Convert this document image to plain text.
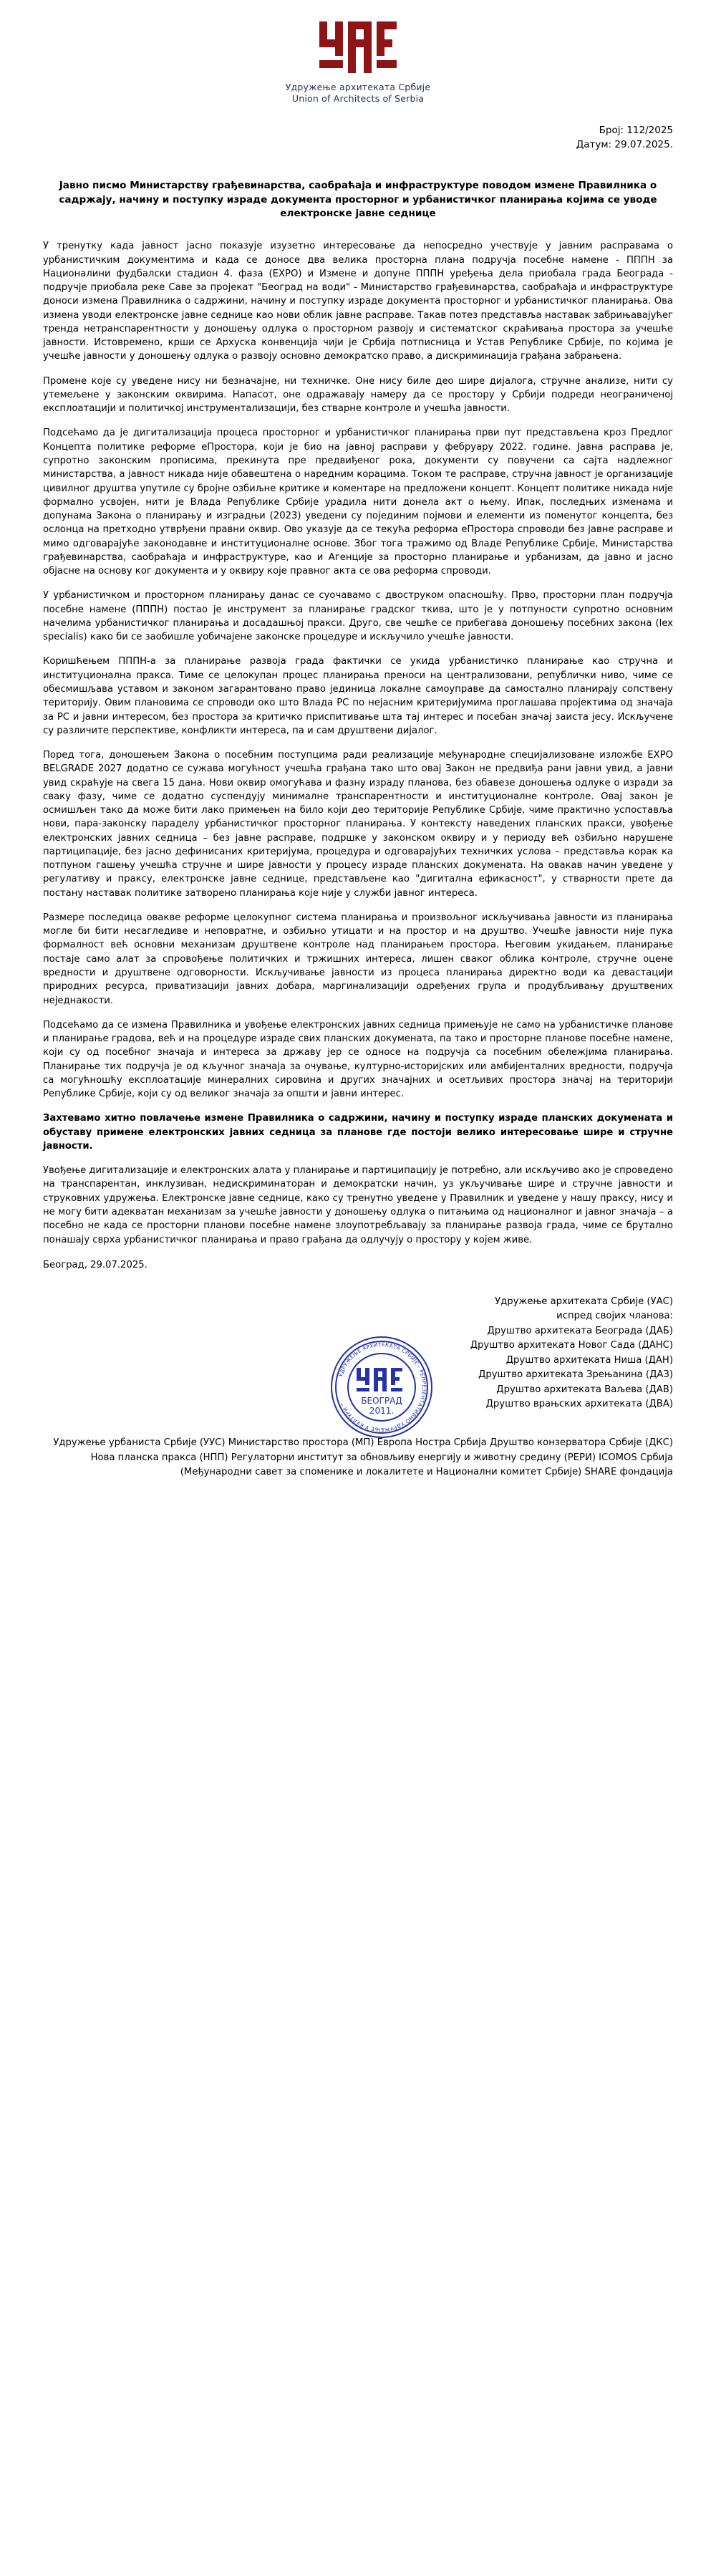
Удружење архитеката Србије
Union of Architects of Serbia
Број: 112/2025
Датум: 29.07.2025.
Јавно писмо Министарству грађевинарства, саобраћаја и инфраструктуре поводом измене Правилника о садржају, начину и поступку израде документа просторног и урбанистичког планирања којима се уводе електронске јавне седнице

У тренутку када јавност јасно показује изузетно интересовање да непосредно учествује у јавним расправама о урбанистичким документима и када се доносе два велика просторна плана подручја посебне намене - ПППН за Националини фудбалски стадион 4. фаза (ЕХРО) и Измене и допуне ПППН уређења дела приобала града Београда - подручје приобала реке Саве за пројекат "Београд на води" - Министарство грађевинарства, саобраћаја и инфраструктуре доноси измена Правилника о садржини, начину и поступку израде документа просторног и урбанистичког планирања. Ова измена уводи електронске јавне седнице као нови облик јавне расправе. Такав потез представља наставак забрињавајућег тренда нетранспарентности у доношењу одлука о просторном развоју и систематског скраћивања простора за учешће јавности. Истовремено, крши се Архуска конвенција чији је Србија потписница и Устав Републике Србије, по којима је учешће јавности у доношењу одлука о развоју основно демократско право, а дискриминација грађана забрањена.

Промене које су уведене нису ни безначајне, ни техничке. Оне нису биле део шире дијалога, стручне анализе, нити су утемељене у законским оквирима. Напасот, оне одражавају намеру да се простору у Србији подреди неограниченој експлоатацији и политичкој инструментализацији, без стварне контроле и учешћа јавности.

Подсећамо да је дигитализација процеса просторног и урбанистичког планирања први пут представљена кроз Предлог Концепта политике реформе еПростора, који је био на јавној расправи у фебруару 2022. године. Јавна расправа је, супротно законским прописима, прекинута пре предвиђеног рока, документи су повучени са сајта надлежног министарства, а јавност никада није обавештена о наредним корацима. Током те расправе, стручна јавност је организације цивилног друштва упутиле су бројне озбиљне критике и коментаре на предложени концепт. Концепт политике никада није формално усвојен, нити је Влада Републике Србије урадила нити донела акт о њему. Ипак, последњих изменама и допунама Закона о планирању и изградњи (2023) уведени су појединим појмови и елементи из поменутог концепта, без ослонца на претходно утврђени правни оквир. Ово указује да се текућа реформа еПростора спроводи без јавне расправе и мимо одговарајуће законодавне и институционалне основе. Због тога тражимо од Владе Републике Србије, Министарства грађевинарства, саобраћаја и инфраструктуре, као и Агенције за просторно планирање и урбанизам, да јавно и јасно објасне на основу ког документа и у оквиру које правног акта се ова реформа спроводи.

У урбанистичком и просторном планирању данас се суочавамо с двоструком опасношћу. Прво, просторни план подручја посебне намене (ПППН) постао је инструмент за планирање градског ткива, што је у потпуности супротно основним начелима урбанистичког планирања и досадашњој пракси. Друго, све чешће се прибегава доношењу посебних закона (lex specialis) како би се заобишле уобичајене законске процедуре и искључило учешће јавности.

Коришћењем ПППН-а за планирање развоја града фактички се укида урбанистичко планирање као стручна и институционална пракса. Тиме се целокупан процес планирања преноси на централизовани, републички ниво, чиме се обесмишљава уставом и законом загарантовано право јединица локалне самоуправе да самостално планирају сопствену територију. Овим плановима се спроводи око што Влада РС по нејасним критеријумима проглашава пројектима од значаја за РС и јавни интересом, без простора за критичко приспитивање шта тај интерес и посебан значај заиста јесу. Искључене су различите перспективе, конфликти интереса, па и сам друштвени дијалог.

Поред тога, доношењем Закона о посебним поступцима ради реализације међународне специјализоване изложбе EXPO BELGRADE 2027 додатно се сужава могућност учешћа грађана тако што овај Закон не предвиђа рани јавни увид, а јавни увид скраћује на свега 15 дана. Нови оквир омогућава и фазну израду планова, без обавезе доношења одлуке о изради за сваку фазу, чиме се додатно суспендују минималне транспарентности и институционалне контроле. Овај закон је осмишљен тако да може бити лако примењен на било који део територије Републике Србије, чиме практично успоставља нови, пара-законску параделу урбанистичког просторног планирања. У контексту наведених планских пракси, увођење електронских јавних седница – без јавне расправе, подршке у законском оквиру и у периоду већ озбиљно нарушене партиципације, без јасно дефинисаних критеријума, процедура и одговарајућих техничких услова – представља корак ка потпуном гашењу учешћа стручне и шире јавности у процесу израде планских докумената. На овакав начин уведене у регулативу и праксу, електронске јавне седнице, представљене као "дигитална ефикасност", у стварности прете да постану наставак политике затворено планирања које није у служби јавног интереса.

Размере последица овакве реформе целокупног система планирања и произвољног искључивања јавности из планирања могле би бити несагледиве и неповратне, и озбиљно утицати и на простор и на друштво. Учешће јавности није пука формалност већ основни механизам друштвене контроле над планирањем простора. Његовим укидањем, планирање постаје само алат за спровођење политичких и тржишних интереса, лишен сваког облика контроле, стручне оцене вредности и друштвене одговорности. Искључивање јавности из процеса планирања директно води ка девастацији природних ресурса, приватизацији јавних добара, маргинализацији одређених група и продубљивању друштвених неједнакости.

Подсећамо да се измена Правилника и увођење електронских јавних седница примењује не само на урбанистичке планове и планирање градова, већ и на процедуре израде свих планских докумената, па тако и просторне планове посебне намене, који су од посебног значаја и интереса за државу јер се односе на подручја са посебним обележјима планирања. Планирање тих подручја је од кључног значаја за очување, културно-историјских или амбијенталних вредности, подручја са могућношћу експлоатације минералних сировина и других значајних и осетљивих простора значај на територији Републике Србије, који су од великог значаја за општи и јавни интерес.

Захтевамо хитно повлачење измене Правилника о садржини, начину и поступку израде планских докумената и обуставу примене електронских јавних седница за планове где постоји велико интересовање шире и стручне јавности.

Увођење дигитализације и електронских алата у планирање и партиципацију је потребно, али искључиво ако је спроведено на транспарентан, инклузиван, недискриминаторан и демократски начин, уз укључивање шире и стручне јавности и струковних удружења. Електронске јавне седнице, како су тренутно уведене у Правилник и уведене у нашу праксу, нису и не могу бити адекватан механизам за учешће јавности у доношењу одлука о питањима од националног и јавног значаја – а посебно не када се просторни планови посебне намене злоупотребљавају за планирање развоја града, чиме се брутално понашају сврха урбанистичког планирања и право грађана да одлучују о простору у којем живе.

Београд, 29.07.2025.
УДРУЖЕЊЕ АРХИТЕКАТА СРБИЈЕ - РЕПРЕЗЕНТАТИВНО УДРУЖЕЊЕ У КУЛТУРИ *	БЕОГРАД
2011.
Удружење архитеката Србије (УАС)
испред својих чланова:
Друштво архитеката Београда (ДАБ)
Друштво архитеката Новог Сада (ДАНС)
Друштво архитеката Ниша (ДАН)
Друштво архитеката Зрењанина (ДАЗ)
Друштво архитеката Ваљева (ДАВ)
Друштво врањских архитеката (ДВА)
Удружење урбаниста Србије (УУС) Министарство простора (МП) Европа Ностра Србија Друштво конзерватора Србије (ДКС) Нова планска пракса (НПП) Регулаторни институт за обновљиву енергију и животну средину (РЕРИ) ICOMOS Србија (Међународни савет за споменике и локалитете и Национални комитет Србије) SHARE фондација
